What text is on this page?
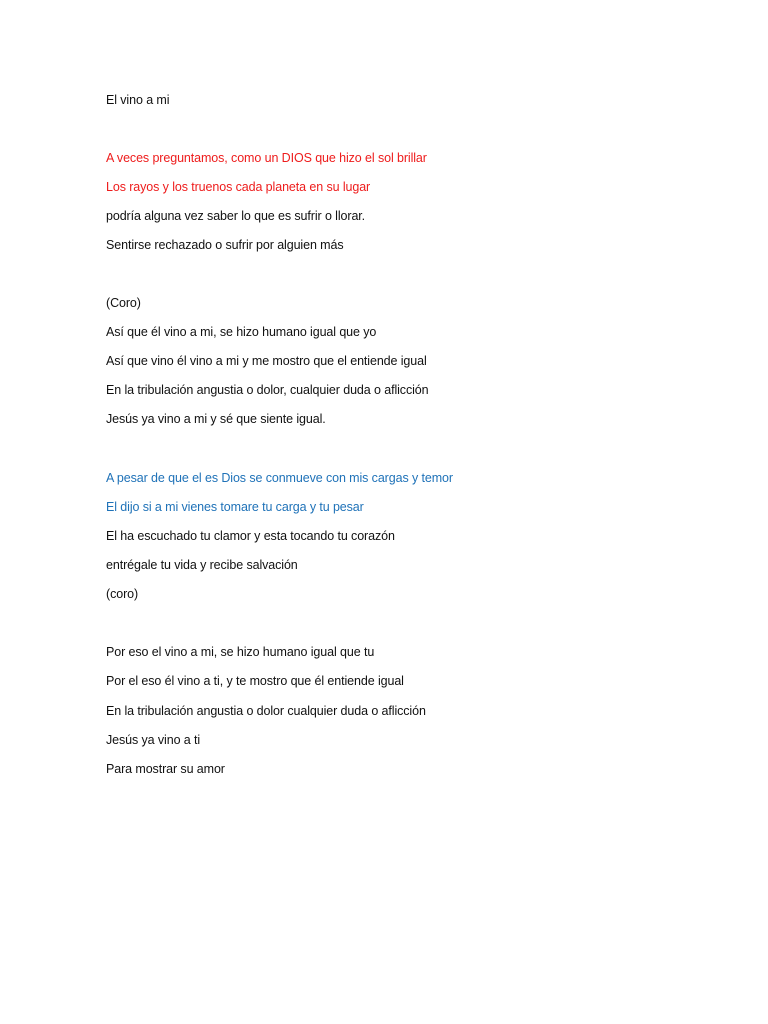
El vino a mi

A veces preguntamos, como un DIOS que hizo el sol brillar

Los rayos y los truenos cada planeta en su lugar

podría alguna vez saber lo que es sufrir o llorar.

Sentirse rechazado o sufrir por alguien más

(Coro)

Así que él vino a mi, se hizo humano igual que yo

Así que vino él vino a mi y me mostro que el entiende igual

En la tribulación angustia o dolor, cualquier duda o aflicción

Jesús ya vino a mi y sé que siente igual.

A pesar de que el es Dios se conmueve con mis cargas y temor

El dijo si a mi vienes tomare tu carga y tu pesar

El ha escuchado tu clamor y esta tocando tu corazón

entrégale tu vida y recibe salvación

(coro)

Por eso el vino a mi, se hizo humano igual que tu

Por el eso él vino a ti, y te mostro que él entiende igual

En la tribulación angustia o dolor cualquier duda o aflicción

Jesús ya vino a ti

Para mostrar su amor
